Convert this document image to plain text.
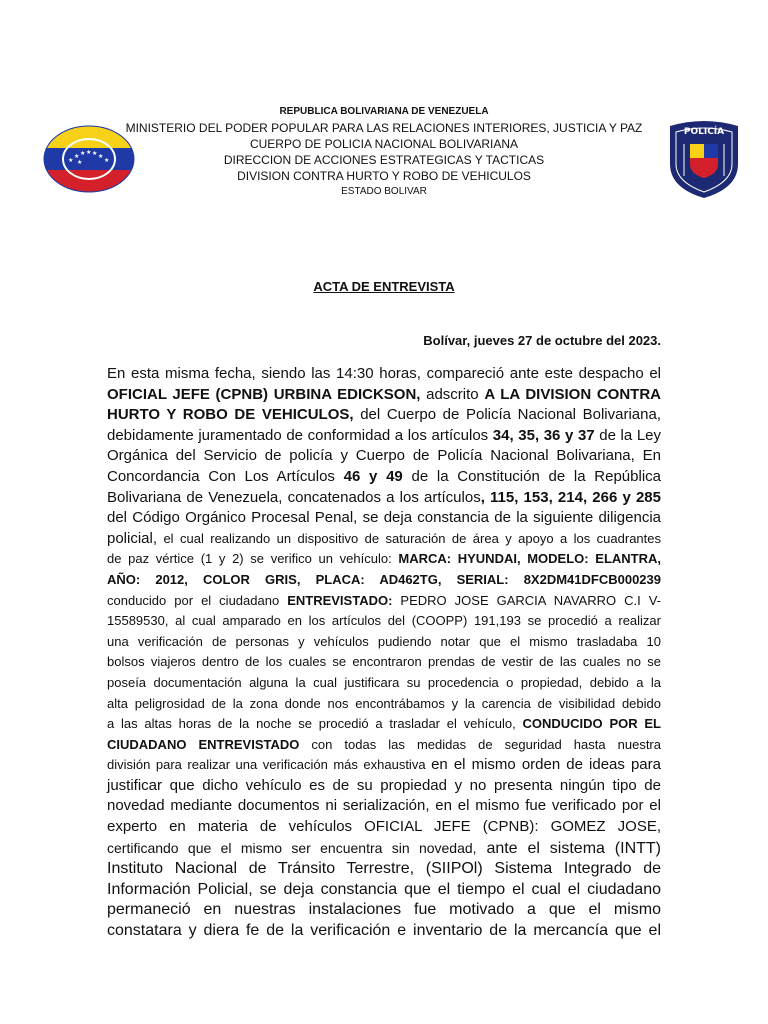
★
★ ★ ★ ★ ★
★
★
POLICÍA
REPUBLICA BOLIVARIANA DE VENEZUELA
MINISTERIO DEL PODER POPULAR PARA LAS RELACIONES INTERIORES, JUSTICIA Y PAZ
CUERPO DE POLICIA NACIONAL BOLIVARIANA
DIRECCION DE ACCIONES ESTRATEGICAS Y TACTICAS
DIVISION CONTRA HURTO Y ROBO DE VEHICULOS
ESTADO BOLIVAR
ACTA DE ENTREVISTA
Bolívar, jueves 27 de octubre del 2023.
En esta misma fecha, siendo las 14:30 horas, compareció ante este despacho el
OFICIAL JEFE (CPNB) URBINA EDICKSON, adscrito A LA DIVISION CONTRA
HURTO Y ROBO DE VEHICULOS, del Cuerpo de Policía Nacional Bolivariana,
debidamente juramentado de conformidad a los artículos 34, 35, 36 y 37 de la Ley
Orgánica del Servicio de policía y Cuerpo de Policía Nacional Bolivariana, En
Concordancia Con Los Artículos 46 y 49 de la Constitución de la República
Bolivariana de Venezuela, concatenados a los artículos, 115, 153, 214, 266 y 285
del Código Orgánico Procesal Penal, se deja constancia de la siguiente diligencia
policial, el cual realizando un dispositivo de saturación de área y apoyo a los cuadrantes
de paz vértice (1 y 2) se verifico un vehículo: MARCA: HYUNDAI, MODELO: ELANTRA,
AÑO: 2012, COLOR GRIS, PLACA: AD462TG, SERIAL: 8X2DM41DFCB000239
conducido por el ciudadano ENTREVISTADO: PEDRO JOSE GARCIA NAVARRO C.I V-
15589530, al cual amparado en los artículos del (COOPP) 191,193 se procedió a realizar
una verificación de personas y vehículos pudiendo notar que el mismo trasladaba 10
bolsos viajeros dentro de los cuales se encontraron prendas de vestir de las cuales no se
poseía documentación alguna la cual justificara su procedencia o propiedad, debido a la
alta peligrosidad de la zona donde nos encontrábamos y la carencia de visibilidad debido
a las altas horas de la noche se procedió a trasladar el vehículo, CONDUCIDO POR EL
CIUDADANO ENTREVISTADO con todas las medidas de seguridad hasta nuestra
división para realizar una verificación más exhaustiva en el mismo orden de ideas para
justificar que dicho vehículo es de su propiedad y no presenta ningún tipo de
novedad mediante documentos ni serialización, en el mismo fue verificado por el
experto en materia de vehículos OFICIAL JEFE (CPNB): GOMEZ JOSE,
certificando que el mismo ser encuentra sin novedad, ante el sistema (INTT)
Instituto Nacional de Tránsito Terrestre, (SIIPOl) Sistema Integrado de
Información Policial, se deja constancia que el tiempo el cual el ciudadano
permaneció en nuestras instalaciones fue motivado a que el mismo
constatara y diera fe de la verificación e inventario de la mercancía que el
